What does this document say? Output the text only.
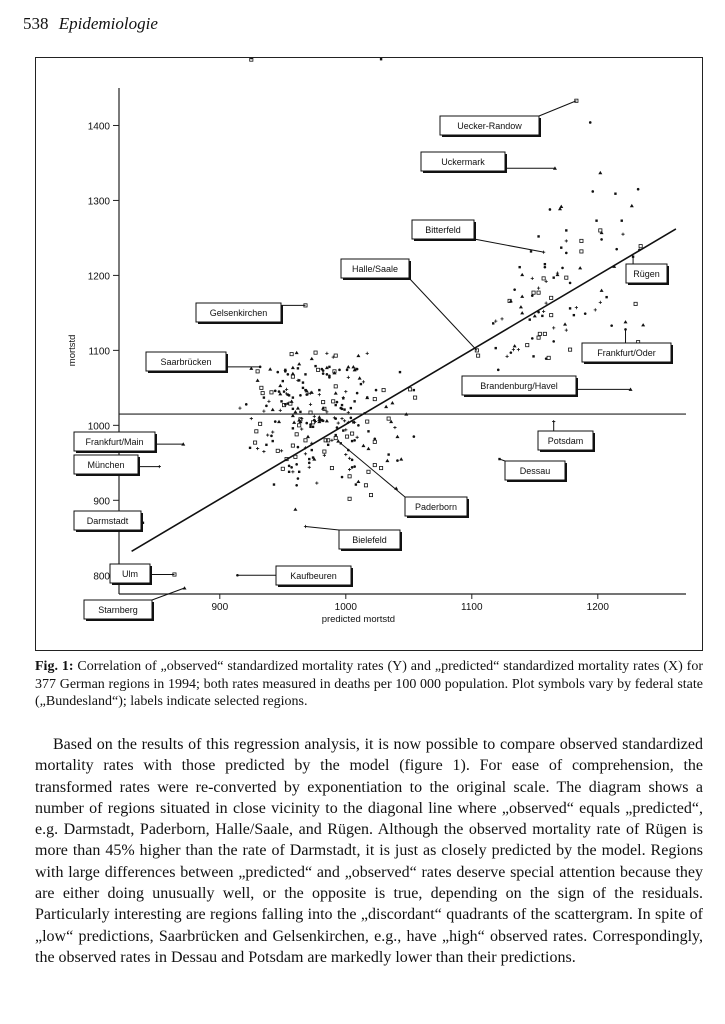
538 Epidemiologie
800
900
1000
1100
1200
1300
1400
900	1000	1100	1200
predicted mortstd
mortstd
Uecker-Randow
Uckermark
Bitterfeld
Halle/Saale	Rügen
Gelsenkirchen
Saarbrücken
Frankfurt/Oder
Brandenburg/Havel
Frankfurt/Main	Potsdam
München
Dessau
Paderborn
Darmstadt
Bielefeld
Ulm	Kaufbeuren
Starnberg
Fig. 1: Correlation of „observed“ standardized mortality rates (Y) and „predicted“ standardized mortality rates (X) for 377 German regions in 1994; both rates measured in deaths per 100 000 population. Plot symbols vary by federal state („Bundesland“); labels indicate selected regions.

Based on the results of this regression analysis, it is now possible to compare observed standardized mortality rates with those predicted by the model (figure 1). For ease of comprehension, the transformed rates were re-converted by exponentiation to the original scale. The diagram shows a number of regions situated in close vicinity to the diagonal line where „observed“ equals „predicted“, e.g. Darmstadt, Paderborn, Halle/Saale, and Rügen. Although the observed mortality rate of Rügen is more than 45% higher than the rate of Darmstadt, it is just as closely predicted by the model. Regions with large differences between „predicted“ and „observed“ rates deserve special attention because they are either doing unusually well, or the opposite is true, depending on the sign of the residuals. Particularly interesting are regions falling into the „discordant“ quadrants of the scattergram. In spite of „low“ predictions, Saarbrücken and Gelsenkirchen, e.g., have „high“ observed rates. Correspondingly, the observed rates in Dessau and Potsdam are markedly lower than their predictions.
